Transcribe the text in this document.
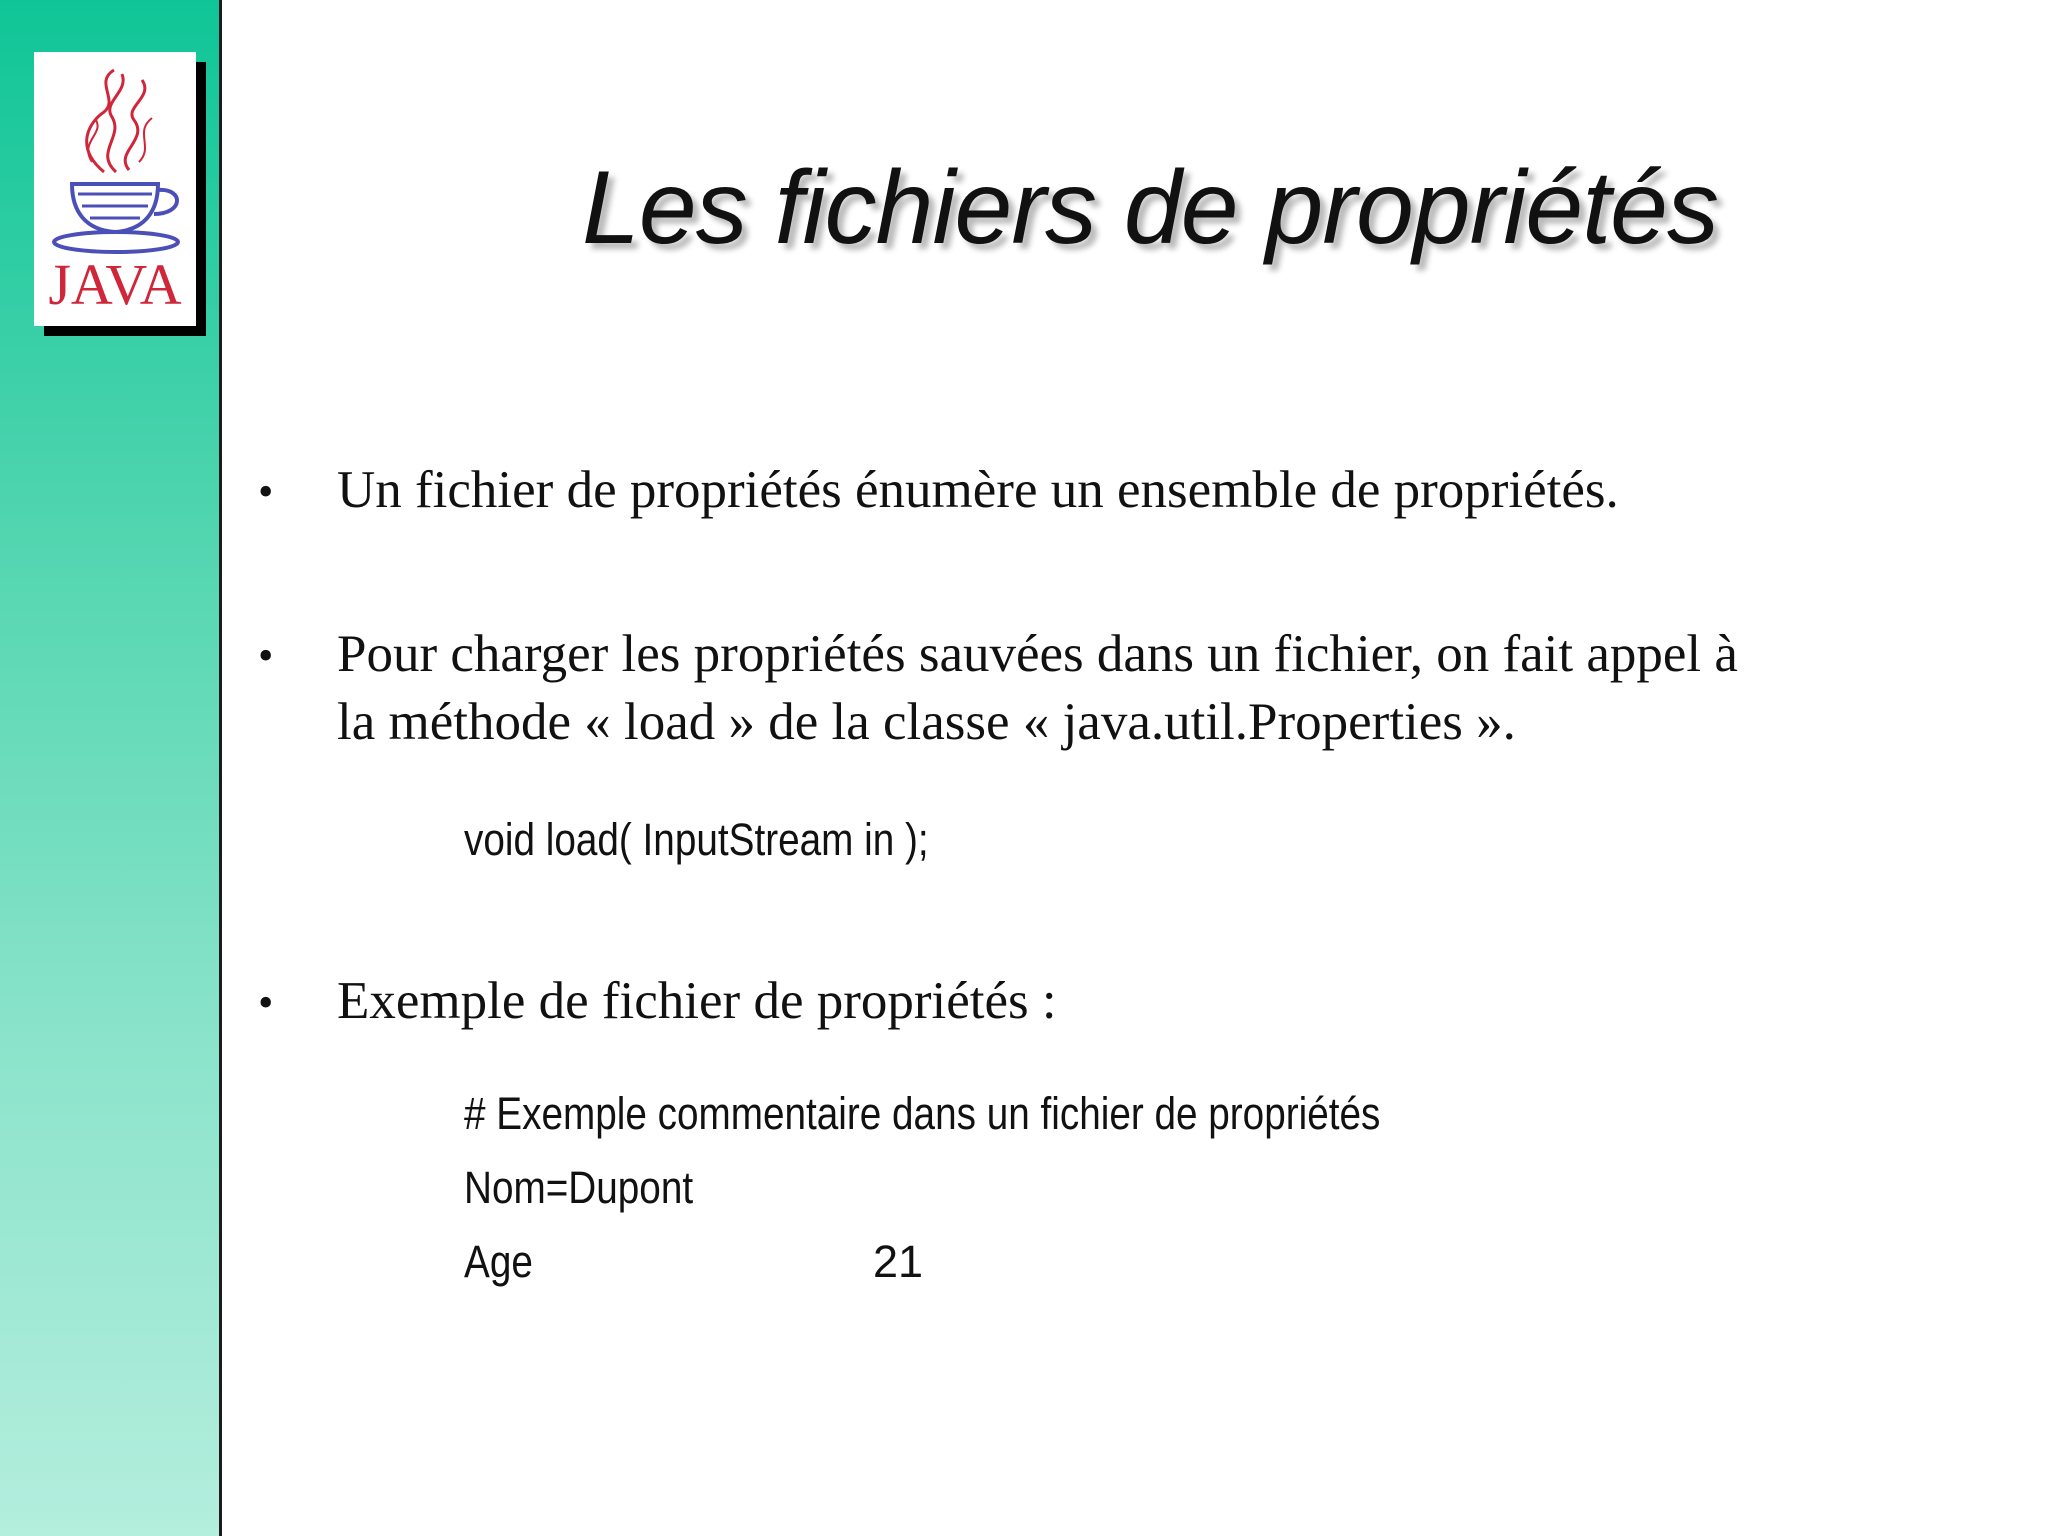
JAVA
Les fichiers de propriétés
• Un fichier de propriétés énumère un ensemble de propriétés.
• Pour charger les propriétés sauvées dans un fichier, on fait appel à
la méthode « load » de la classe « java.util.Properties ».
void load( InputStream in );
• Exemple de fichier de propriétés :
# Exemple commentaire dans un fichier de propriétés
Nom=Dupont
Age	21
